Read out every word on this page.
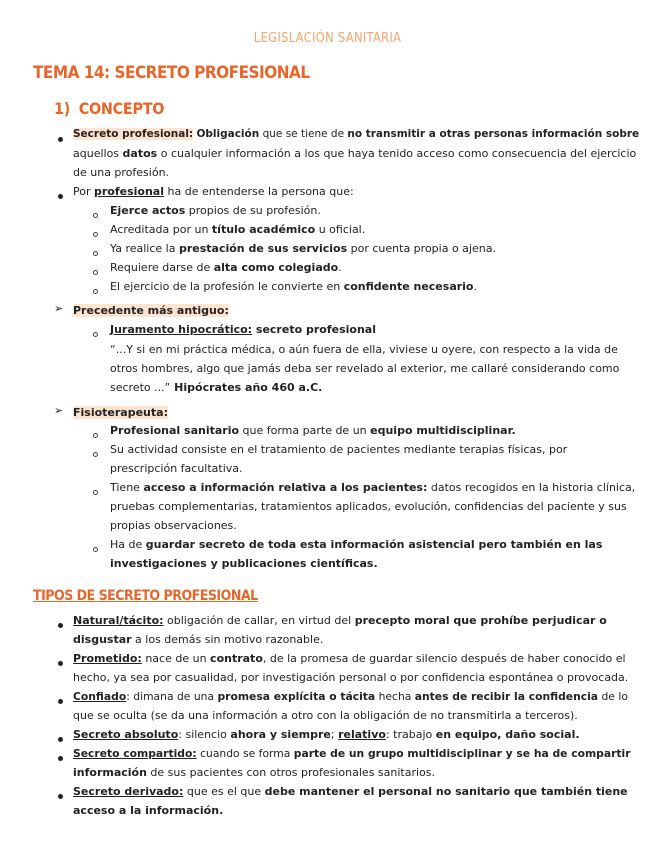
LEGISLACIÓN SANITARIA
TEMA 14: SECRETO PROFESIONAL
1) CONCEPTO
Secreto profesional: Obligación que se tiene de no transmitir a otras personas información sobre
aquellos datos o cualquier información a los que haya tenido acceso como consecuencia del ejercicio
de una profesión.
Por profesional ha de entenderse la persona que:
Ejerce actos propios de su profesión.
Acreditada por un título académico u oficial.
Ya realice la prestación de sus servicios por cuenta propia o ajena.
Requiere darse de alta como colegiado.
El ejercicio de la profesión le convierte en confidente necesario.
➢ Precedente más antiguo:
Juramento hipocrático: secreto profesional
“...Y si en mi práctica médica, o aún fuera de ella, viviese u oyere, con respecto a la vida de
otros hombres, algo que jamás deba ser revelado al exterior, me callaré considerando como
secreto ...” Hipócrates año 460 a.C.
➢ Fisioterapeuta:
Profesional sanitario que forma parte de un equipo multidisciplinar.
Su actividad consiste en el tratamiento de pacientes mediante terapias físicas, por
prescripción facultativa.
Tiene acceso a información relativa a los pacientes: datos recogidos en la historia clínica,
pruebas complementarias, tratamientos aplicados, evolución, confidencias del paciente y sus
propias observaciones.
Ha de guardar secreto de toda esta información asistencial pero también en las
investigaciones y publicaciones científicas.
TIPOS DE SECRETO PROFESIONAL
Natural/tácito: obligación de callar, en virtud del precepto moral que prohíbe perjudicar o
disgustar a los demás sin motivo razonable.
Prometido: nace de un contrato, de la promesa de guardar silencio después de haber conocido el
hecho, ya sea por casualidad, por investigación personal o por confidencia espontánea o provocada.
Confiado: dimana de una promesa explícita o tácita hecha antes de recibir la confidencia de lo
que se oculta (se da una información a otro con la obligación de no transmitirla a terceros).
Secreto absoluto: silencio ahora y siempre; relativo: trabajo en equipo, daño social.
Secreto compartido: cuando se forma parte de un grupo multidisciplinar y se ha de compartir
información de sus pacientes con otros profesionales sanitarios.
Secreto derivado: que es el que debe mantener el personal no sanitario que también tiene
acceso a la información.
